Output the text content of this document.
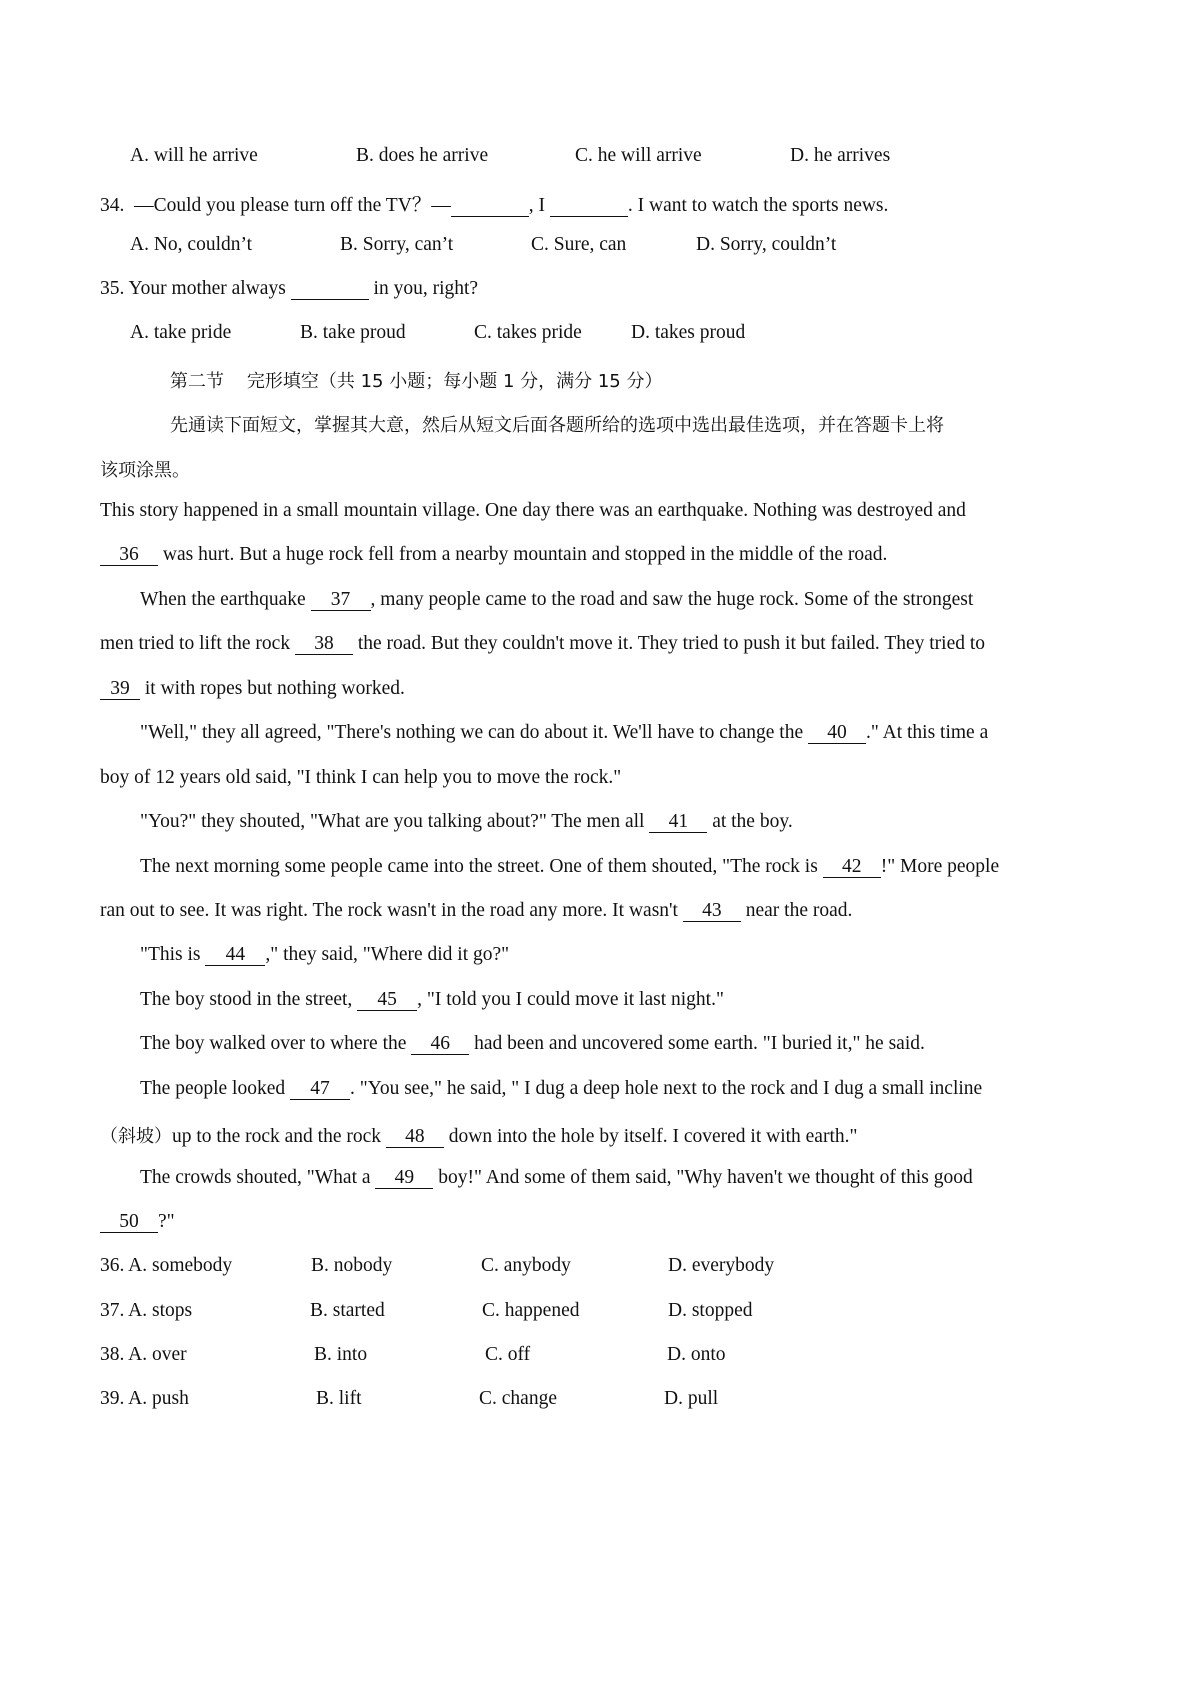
A. will he arrive	B. does he arrive	C. he will arrive	D. he arrives
34.  —Could you please turn off the TV？—	, I	. I want to watch the sports news.
A. No, couldn’t	B. Sorry, can’t	C. Sure, can	D. Sorry, couldn’t
35. Your mother always	in you, right?
A. take pride	B. take proud	C. takes pride	D. takes proud
第二节    完形填空（共 15 小题；每小题 1 分，满分 15 分）
先通读下面短文，掌握其大意，然后从短文后面各题所给的选项中选出最佳选项，并在答题卡上将
该项涂黑。
This story happened in a small mountain village. One day there was an earthquake. Nothing was destroyed and
36 was hurt. But a huge rock fell from a nearby mountain and stopped in the middle of the road.
When the earthquake 37 , many people came to the road and saw the huge rock. Some of the strongest
men tried to lift the rock 38 the road. But they couldn't move it. They tried to push it but failed. They tried to
39 it with ropes but nothing worked.
"Well," they all agreed, "There's nothing we can do about it. We'll have to change the 40 ." At this time a
boy of 12 years old said, "I think I can help you to move the rock."
"You?" they shouted, "What are you talking about?" The men all 41 at the boy.
The next morning some people came into the street. One of them shouted, "The rock is 42 !" More people
ran out to see. It was right. The rock wasn't in the road any more. It wasn't 43 near the road.
"This is 44 ," they said, "Where did it go?"
The boy stood in the street, 45 , "I told you I could move it last night."
The boy walked over to where the 46 had been and uncovered some earth. "I buried it," he said.
The people looked 47 . "You see," he said, " I dug a deep hole next to the rock and I dug a small incline
（斜坡）up to the rock and the rock 48 down into the hole by itself. I covered it with earth."
The crowds shouted, "What a 49 boy!" And some of them said, "Why haven't we thought of this good
50 ?"
36. A. somebody	B. nobody	C. anybody	D. everybody
37. A. stops	B. started	C. happened	D. stopped
38. A. over	B. into	C. off	D. onto
39. A. push	B. lift	C. change	D. pull
